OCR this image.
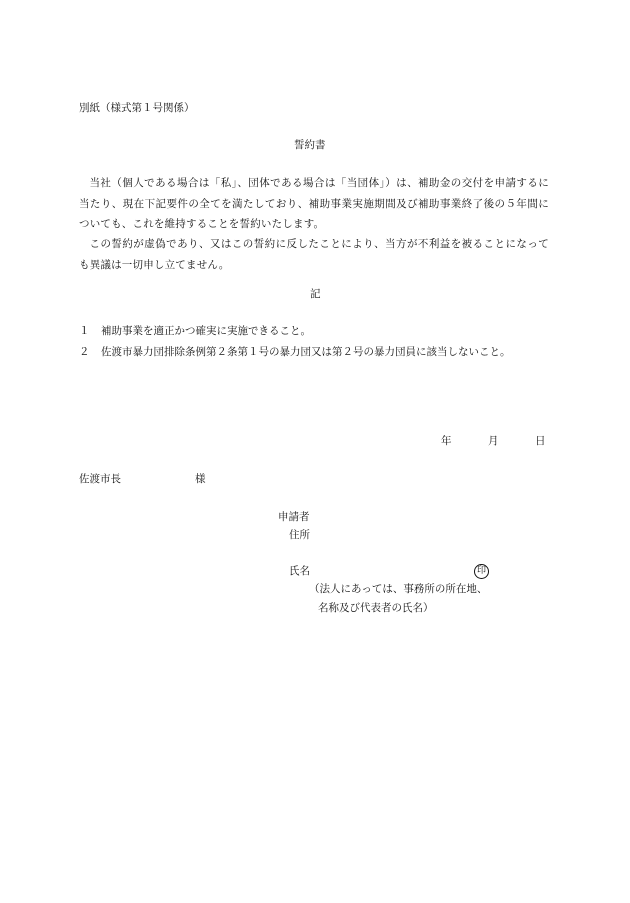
別紙（様式第１号関係）
誓約書
当社（個人である場合は「私」、団体である場合は「当団体」）は、補助金の交付を申請するに当たり、現在下記要件の全てを満たしており、補助事業実施期間及び補助事業終了後の５年間についても、これを維持することを誓約いたします。
この誓約が虚偽であり、又はこの誓約に反したことにより、当方が不利益を被ることになっても異議は一切申し立てません。
記
１ 補助事業を適正かつ確実に実施できること。
２ 佐渡市暴力団排除条例第２条第１号の暴力団又は第２号の暴力団員に該当しないこと。
年	月	日
佐渡市長	様
申請者
住所
氏名	印
（法人にあっては、事務所の所在地、
名称及び代表者の氏名）
